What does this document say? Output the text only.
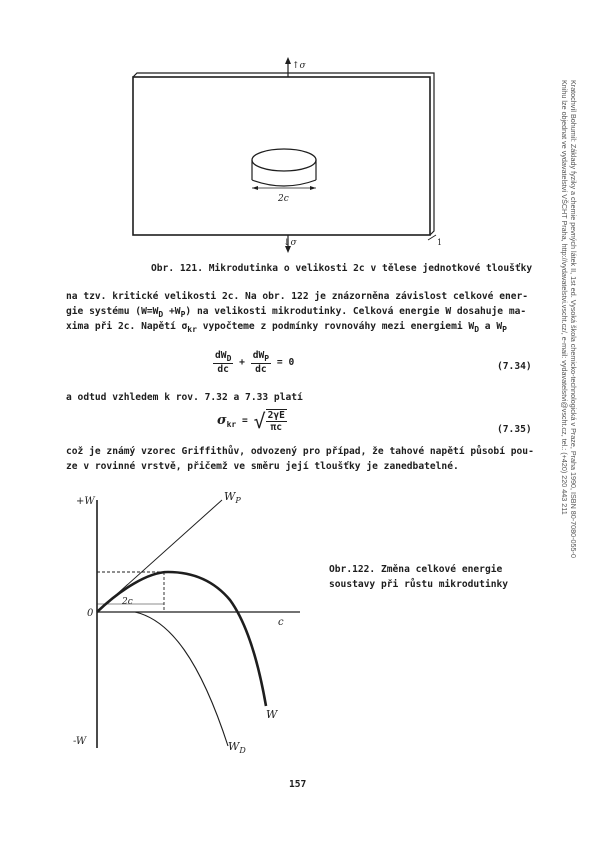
Kratochvíl Bohumil: Základy fyziky a chemie pevných látek II, 1st ed. Vysoká škola chemicko-technologická v Praze, Praha 1990, ISBN 80-7080-055-0
Knihu lze objednat ve vydavatelství VŠCHT Praha, http://vydavatelstvi.vscht.cz/, e-mail: vydavatelstvi@vscht.cz, tel.: (+420) 220 443 211
↑σ
↓σ
2c
1
Obr. 121. Mikrodutinka o velikosti 2c v tělese jednotkové tloušťky
na tzv. kritické velikosti 2c. Na obr. 122 je znázorněna závislost celkové ener-
gie systému $(W=W_D +W_P)$ na velikosti mikrodutinky. Celková energie W dosahuje ma-
xima při 2c. Napětí $\sigma_{kr}$ vypočteme z podmínky rovnováhy mezi energiemi $W_D$ a $W_P$
$\frac{dW_D}{dc} + \frac{dW_P}{dc} = 0$	(7.34)
a odtud vzhledem k rov. 7.32 a 7.33 platí
$\sigma_{kr}$ = √ $\frac{2\gamma E}{\pi c}$	(7.35)
což je známý vzorec Griffithův, odvozený pro případ, že tahové napětí působí pou-
ze v rovinné vrstvě, přičemž ve směru její tloušťky je zanedbatelné.
+W
-W
0
c
2c
$W_P$
W
$W_D$
Obr.122. Změna celkové energie
soustavy při růstu mikrodutinky
157
